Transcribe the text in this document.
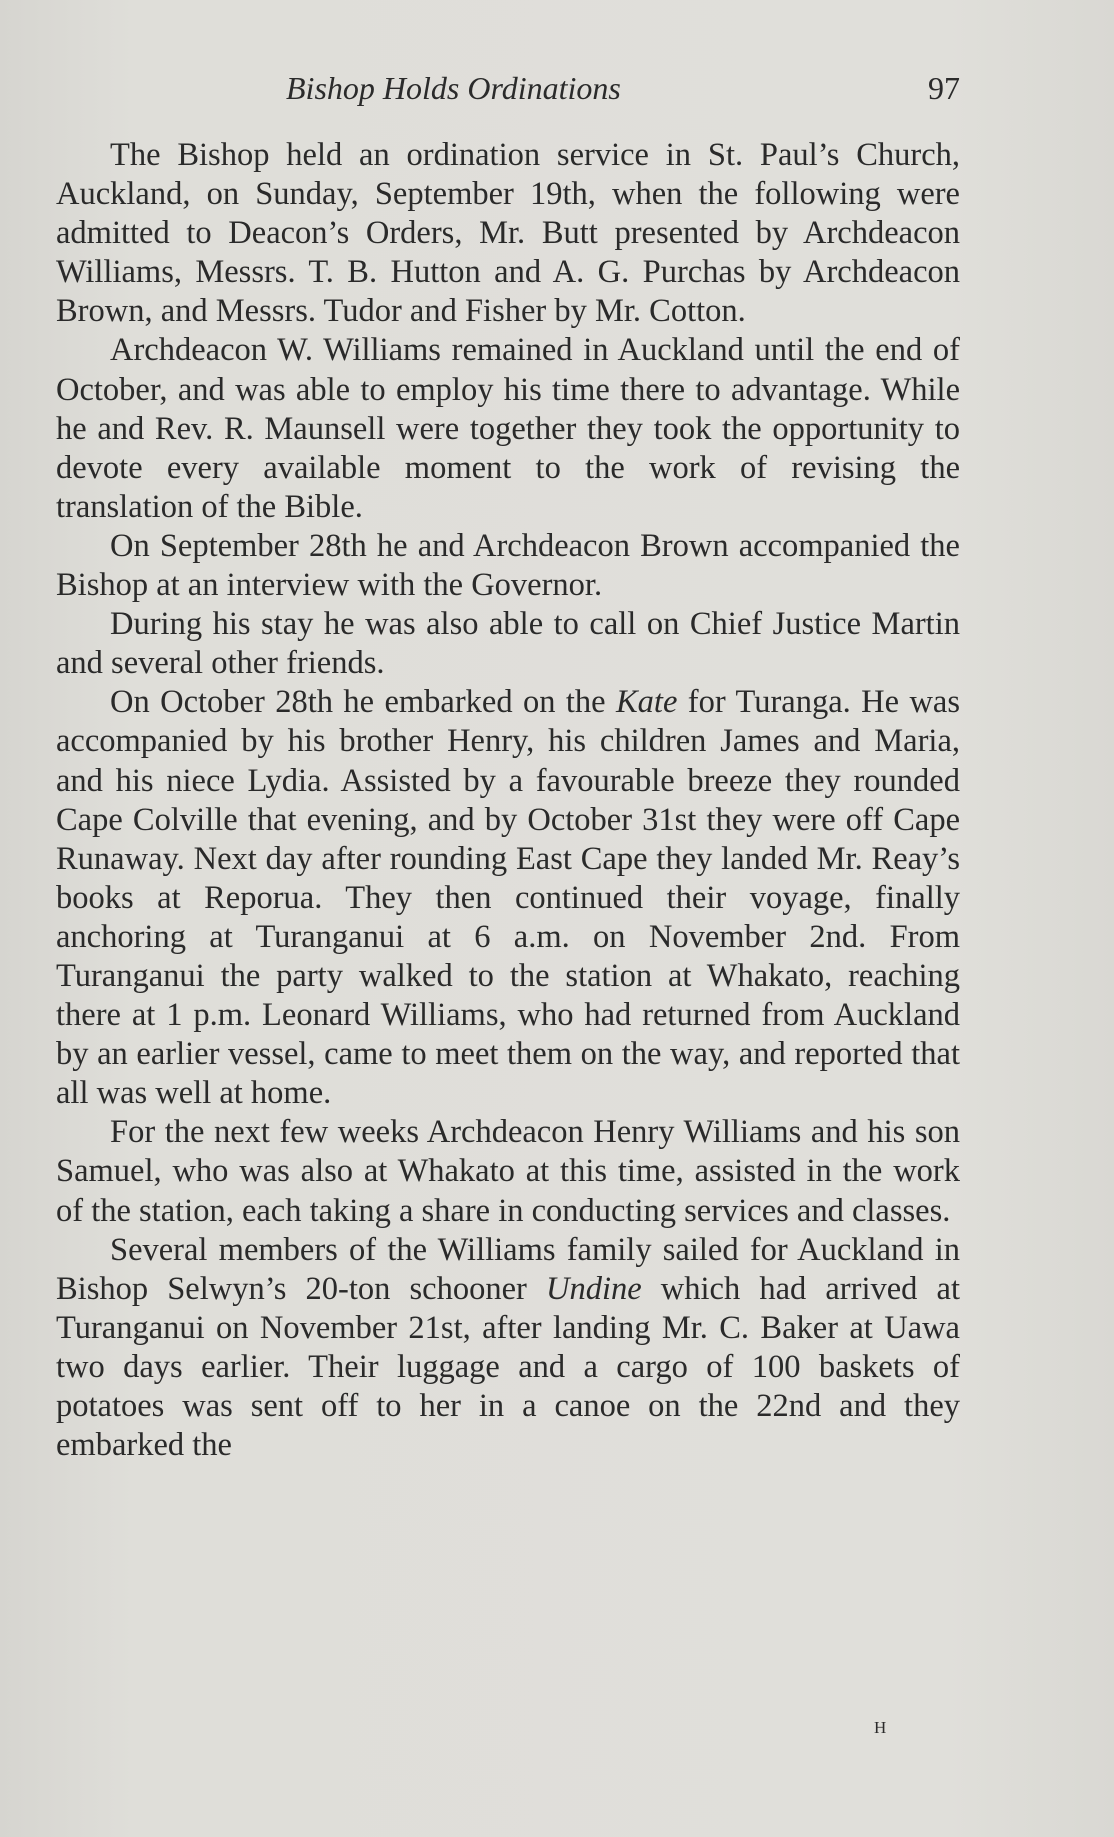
Bishop Holds Ordinations	97

The Bishop held an ordination service in St. Paul’s Church, Auckland, on Sunday, September 19th, when the following were admitted to Deacon’s Orders, Mr. Butt presented by Archdeacon Williams, Messrs. T. B. Hutton and A. G. Purchas by Archdeacon Brown, and Messrs. Tudor and Fisher by Mr. Cotton.

Archdeacon W. Williams remained in Auckland until the end of October, and was able to employ his time there to advantage. While he and Rev. R. Maunsell were together they took the opportunity to devote every available moment to the work of revising the translation of the Bible.

On September 28th he and Archdeacon Brown accompanied the Bishop at an interview with the Governor.

During his stay he was also able to call on Chief Justice Martin and several other friends.

On October 28th he embarked on the Kate for Turanga. He was accompanied by his brother Henry, his children James and Maria, and his niece Lydia. Assisted by a favourable breeze they rounded Cape Colville that evening, and by October 31st they were off Cape Runaway. Next day after rounding East Cape they landed Mr. Reay’s books at Reporua. They then continued their voyage, finally anchoring at Turanganui at 6 a.m. on November 2nd. From Turanganui the party walked to the station at Whakato, reaching there at 1 p.m. Leonard Williams, who had returned from Auckland by an earlier vessel, came to meet them on the way, and reported that all was well at home.

For the next few weeks Archdeacon Henry Williams and his son Samuel, who was also at Whakato at this time, assisted in the work of the station, each taking a share in conducting services and classes.

Several members of the Williams family sailed for Auckland in Bishop Selwyn’s 20-ton schooner Undine which had arrived at Turanganui on November 21st, after landing Mr. C. Baker at Uawa two days earlier. Their luggage and a cargo of 100 baskets of potatoes was sent off to her in a canoe on the 22nd and they embarked the

H
